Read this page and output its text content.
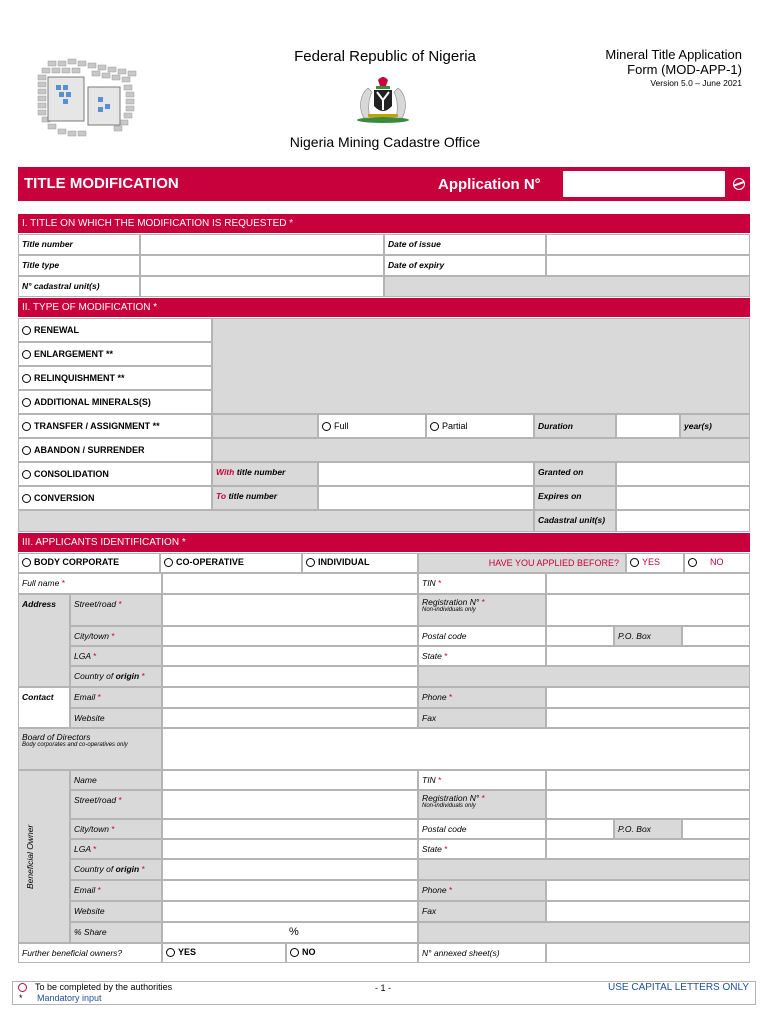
Federal Republic of Nigeria
Nigeria Mining Cadastre Office
Mineral Title Application
Form (MOD-APP-1)
Version 5.0 – June 2021
TITLE MODIFICATION	Application N°
I. TITLE ON WHICH THE MODIFICATION IS REQUESTED *
Title number	Date of issue
Title type	Date of expiry
N° cadastral unit(s)
II. TYPE OF MODIFICATION *
RENEWAL
ENLARGEMENT **
RELINQUISHMENT **
ADDITIONAL MINERALS(S)
TRANSFER / ASSIGNMENT **	Full	Partial	Duration	year(s)
ABANDON / SURRENDER
CONSOLIDATION	With title number	Granted on
CONVERSION	To title number	Expires on
Cadastral unit(s)
III. APPLICANTS IDENTIFICATION *
BODY CORPORATE	CO-OPERATIVE	INDIVIDUAL	HAVE YOU APPLIED BEFORE?	YES	NO
Full name *	TIN *
Address	Street/road *	Registration N° *
Non-individuals only
City/town *	Postal code	P.O. Box
LGA *	State *
Country of origin *
Contact	Email *	Phone *
Website	Fax
Board of Directors
Body corporates and co-operatives only
Beneficial Owner
Name	TIN *
Street/road *	Registration N° *
Non-individuals only
City/town *	Postal code	P.O. Box
LGA *	State *
Country of origin *
Email *	Phone *
Website	Fax
% Share	%
Further beneficial owners?	YES	NO	N° annexed sheet(s)
To be completed by the authorities
* Mandatory input
- 1 -	USE CAPITAL LETTERS ONLY
